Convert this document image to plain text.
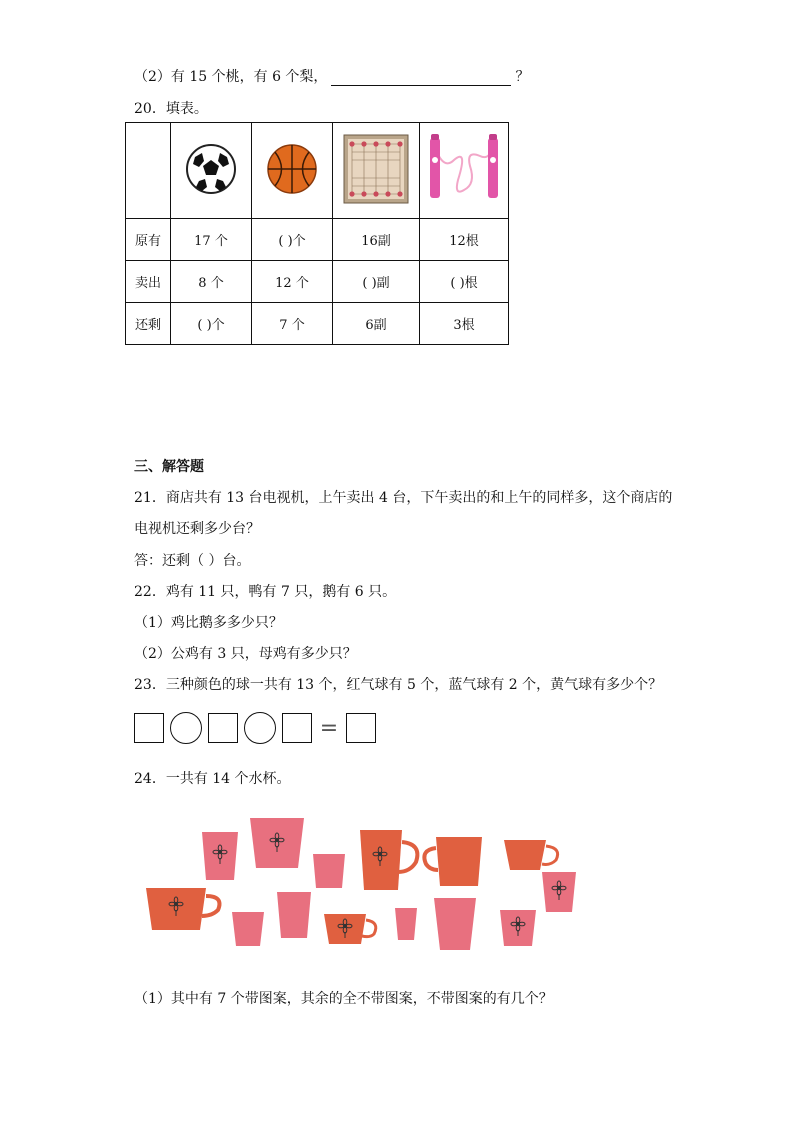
（2）有 15 个桃，有 6 个梨，	？
20．填表。

原有	17 个	( )个	16副	12根
卖出	8 个	12 个	( )副	( )根
还剩	( )个	7 个	6副	3根
三、解答题
21．商店共有 13 台电视机，上午卖出 4 台，下午卖出的和上午的同样多，这个商店的
电视机还剩多少台？
答：还剩（ ）台。
22．鸡有 11 只，鸭有 7 只，鹅有 6 只。
（1）鸡比鹅多多少只？
（2）公鸡有 3 只，母鸡有多少只？
23．三种颜色的球一共有 13 个，红气球有 5 个，蓝气球有 2 个，黄气球有多少个？
=
24．一共有 14 个水杯。
（1）其中有 7 个带图案，其余的全不带图案，不带图案的有几个？
